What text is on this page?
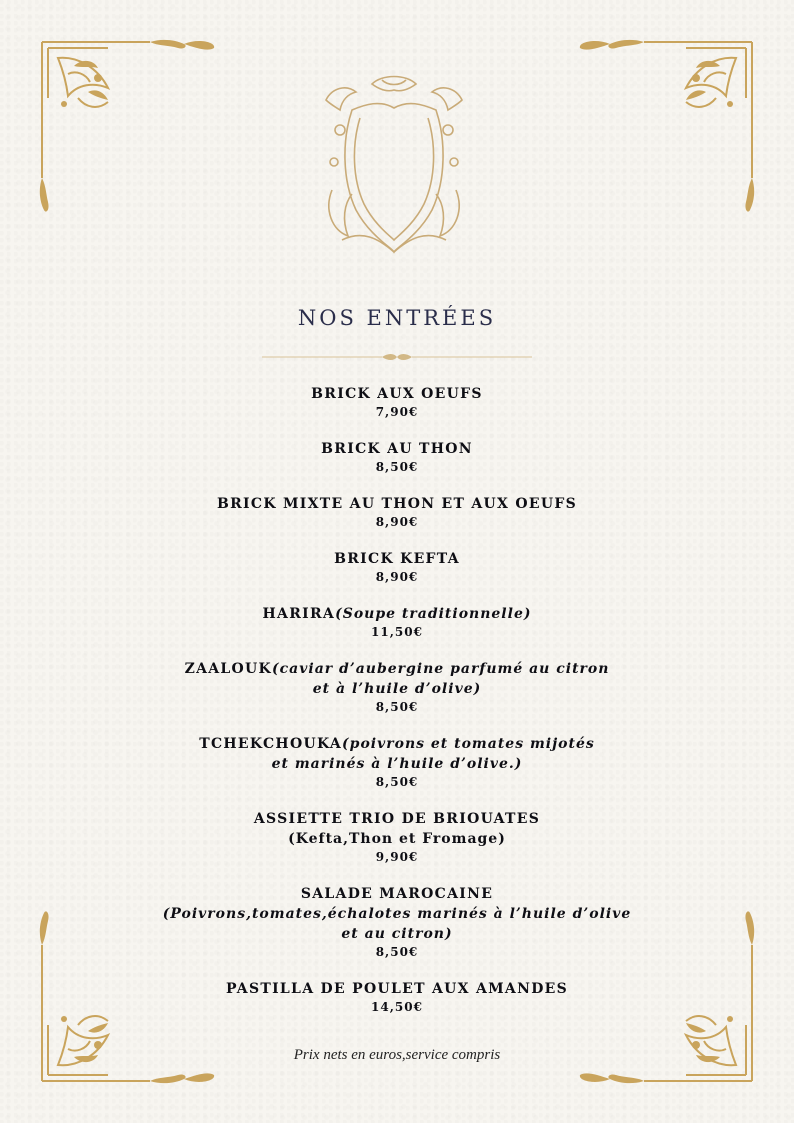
NOS ENTRÉES
BRICK AUX OEUFS
7,90€
BRICK AU THON
8,50€
BRICK MIXTE AU THON ET AUX OEUFS
8,90€
BRICK KEFTA
8,90€
HARIRA(Soupe traditionnelle)
11,50€
ZAALOUK(caviar d’aubergine parfumé au citron
et à l’huile d’olive)
8,50€
TCHEKCHOUKA(poivrons et tomates mijotés
et marinés à l’huile d’olive.)
8,50€
ASSIETTE TRIO DE BRIOUATES
(Kefta,Thon et Fromage)
9,90€
SALADE MAROCAINE
(Poivrons,tomates,échalotes marinés à l’huile d’olive
et au citron)
8,50€
PASTILLA DE POULET AUX AMANDES
14,50€
Prix nets en euros,service compris
